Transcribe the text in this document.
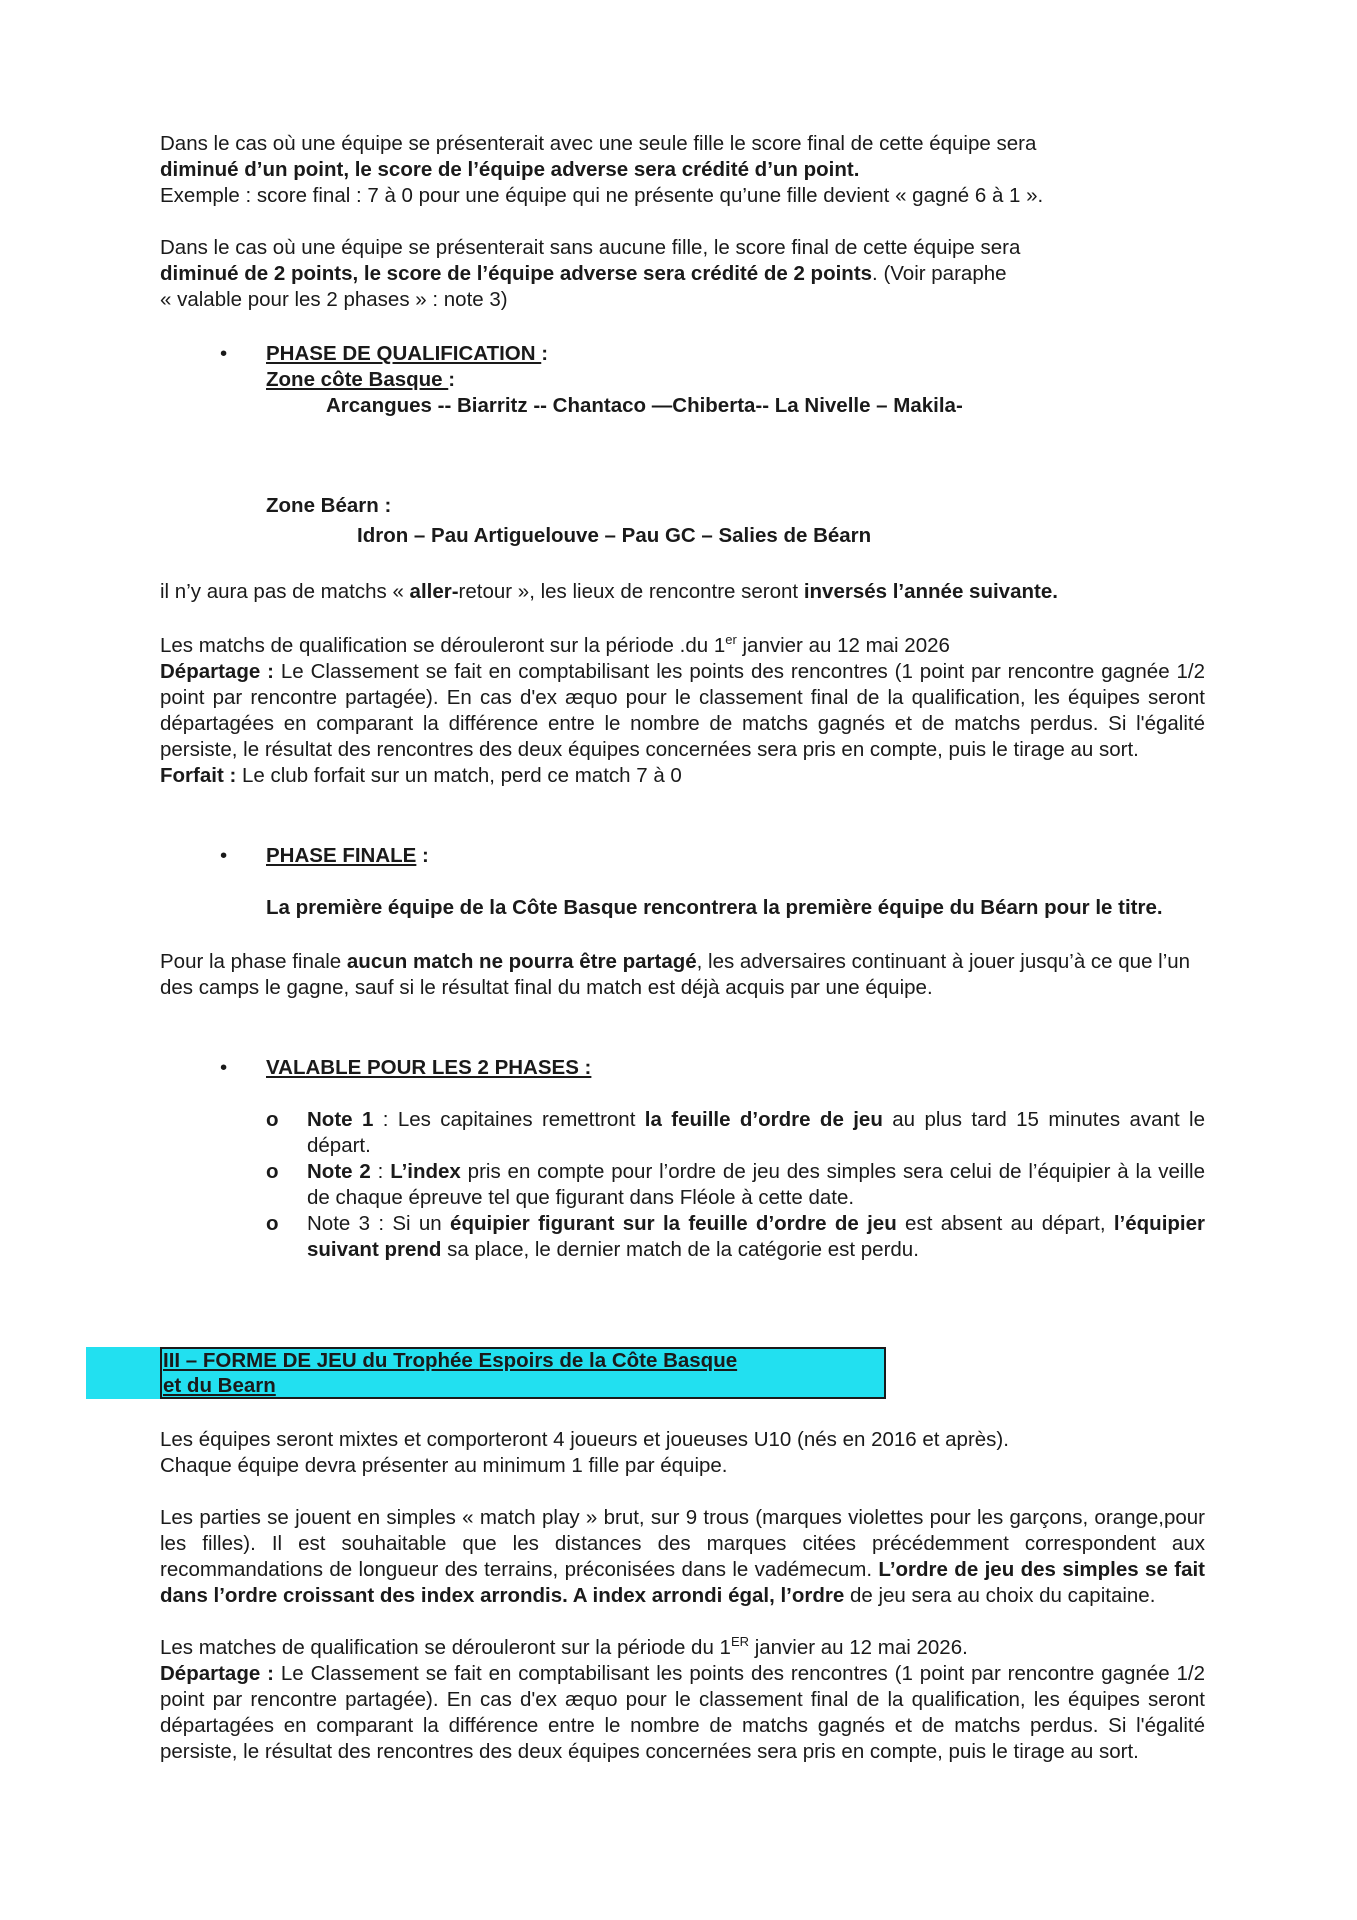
III – FORME DE JEU du Trophée Espoirs de la Côte Basque
et du Bearn

Dans le cas où une équipe se présenterait avec une seule fille le score final de cette équipe sera
diminué d’un point, le score de l’équipe adverse sera crédité d’un point.
Exemple : score final : 7 à 0 pour une équipe qui ne présente qu’une fille devient « gagné 6 à 1 ».

Dans le cas où une équipe se présenterait sans aucune fille, le score final de cette équipe sera
diminué de 2 points, le score de l’équipe adverse sera crédité de 2 points. (Voir paraphe
« valable pour les 2 phases » : note 3)

• PHASE DE QUALIFICATION :
Zone côte Basque :

Arcangues -- Biarritz -- Chantaco —Chiberta-- La Nivelle – Makila-

Zone Béarn :

Idron – Pau Artiguelouve – Pau GC – Salies de Béarn

il n’y aura pas de matchs « aller-retour », les lieux de rencontre seront inversés l’année suivante.

Les matchs de qualification se dérouleront sur la période .du 1er janvier au 12 mai 2026

Départage : Le Classement se fait en comptabilisant les points des rencontres (1 point par rencontre gagnée 1/2 point par rencontre partagée). En cas d'ex æquo pour le classement final de la qualification, les équipes seront départagées en comparant la différence entre le nombre de matchs gagnés et de matchs perdus. Si l'égalité persiste, le résultat des rencontres des deux équipes concernées sera pris en compte, puis le tirage au sort.

Forfait : Le club forfait sur un match, perd ce match 7 à 0

• PHASE FINALE :

La première équipe de la Côte Basque rencontrera la première équipe du Béarn pour le titre.

Pour la phase finale aucun match ne pourra être partagé, les adversaires continuant à jouer jusqu’à ce que l’un des camps le gagne, sauf si le résultat final du match est déjà acquis par une équipe.

• VALABLE POUR LES 2 PHASES :
o Note 1 : Les capitaines remettront la feuille d’ordre de jeu au plus tard 15 minutes avant le départ.
o Note 2 : L’index pris en compte pour l’ordre de jeu des simples sera celui de l’équipier à la veille de chaque épreuve tel que figurant dans Fléole à cette date.
o Note 3 : Si un équipier figurant sur la feuille d’ordre de jeu est absent au départ, l’équipier suivant prend sa place, le dernier match de la catégorie est perdu.

Les équipes seront mixtes et comporteront 4 joueurs et joueuses U10 (nés en 2016 et après).
Chaque équipe devra présenter au minimum 1 fille par équipe.

Les parties se jouent en simples « match play » brut, sur 9 trous (marques violettes pour les garçons, orange,pour les filles). Il est souhaitable que les distances des marques citées précédemment correspondent aux recommandations de longueur des terrains, préconisées dans le vadémecum. L’ordre de jeu des simples se fait dans l’ordre croissant des index arrondis. A index arrondi égal, l’ordre de jeu sera au choix du capitaine.

Les matches de qualification se dérouleront sur la période du 1ER janvier au 12 mai 2026.

Départage : Le Classement se fait en comptabilisant les points des rencontres (1 point par rencontre gagnée 1/2 point par rencontre partagée). En cas d'ex æquo pour le classement final de la qualification, les équipes seront départagées en comparant la différence entre le nombre de matchs gagnés et de matchs perdus. Si l'égalité persiste, le résultat des rencontres des deux équipes concernées sera pris en compte, puis le tirage au sort.
